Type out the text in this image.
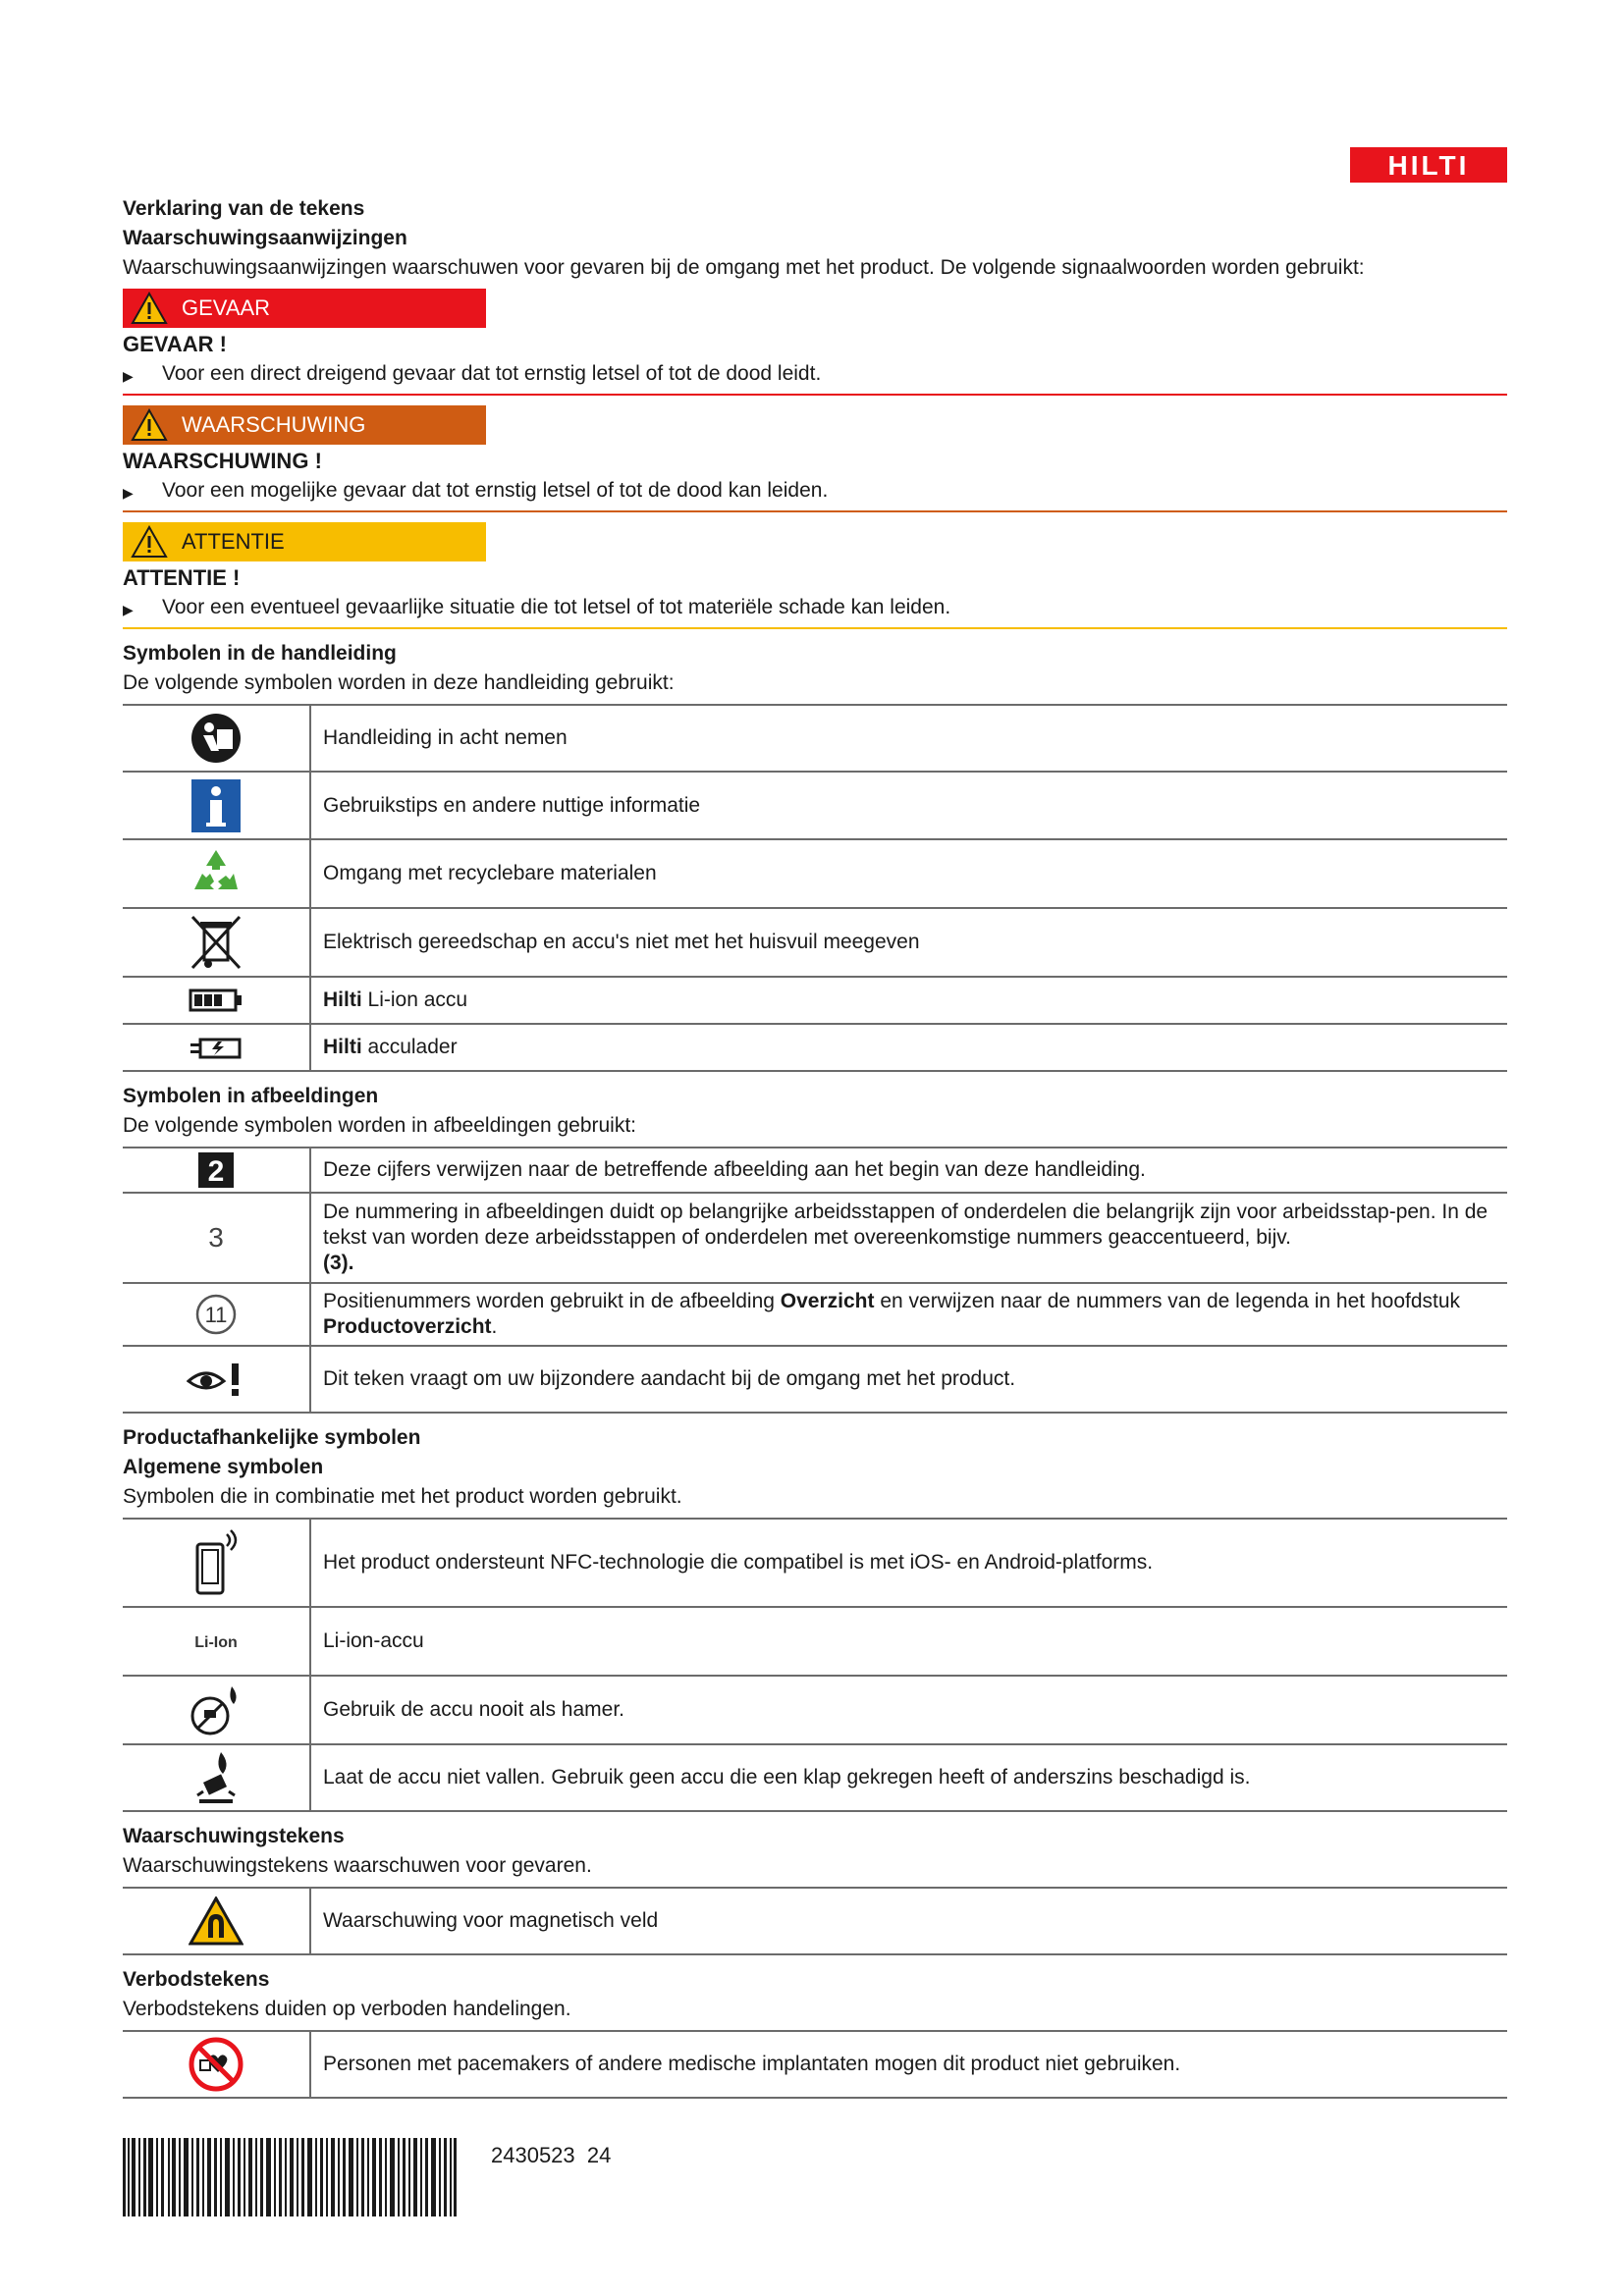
HILTI
Verklaring van de tekens
Waarschuwingsaanwijzingen
Waarschuwingsaanwijzingen waarschuwen voor gevaren bij de omgang met het product. De volgende signaalwoorden worden gebruikt:
GEVAAR
GEVAAR !
▶	Voor een direct dreigend gevaar dat tot ernstig letsel of tot de dood leidt.
WAARSCHUWING
WAARSCHUWING !
▶	Voor een mogelijke gevaar dat tot ernstig letsel of tot de dood kan leiden.
ATTENTIE
ATTENTIE !
▶	Voor een eventueel gevaarlijke situatie die tot letsel of tot materiële schade kan leiden.
Symbolen in de handleiding
De volgende symbolen worden in deze handleiding gebruikt:
	Handleiding in acht nemen

	Gebruikstips en andere nuttige informatie

	Omgang met recyclebare materialen

	Elektrisch gereedschap en accu's niet met het huisvuil meegeven

	Hilti Li-ion accu

	Hilti acculader
Symbolen in afbeeldingen
De volgende symbolen worden in afbeeldingen gebruikt:
2	Deze cijfers verwijzen naar de betreffende afbeelding aan het begin van deze handleiding.
3	De nummering in afbeeldingen duidt op belangrijke arbeidsstappen of onderdelen die belangrijk zijn voor arbeidsstap-pen. In de tekst van worden deze arbeidsstappen of onderdelen met overeenkomstige nummers geaccentueerd, bijv.
(3).

11	Positienummers worden gebruikt in de afbeelding Overzicht en verwijzen naar de nummers van de legenda in het hoofdstuk Productoverzicht.

	Dit teken vraagt om uw bijzondere aandacht bij de omgang met het product.
Productafhankelijke symbolen
Algemene symbolen
Symbolen die in combinatie met het product worden gebruikt.
	Het product ondersteunt NFC-technologie die compatibel is met iOS- en Android-platforms.
Li-Ion	Li-ion-accu

	Gebruik de accu nooit als hamer.

	Laat de accu niet vallen. Gebruik geen accu die een klap gekregen heeft of anderszins beschadigd is.
Waarschuwingstekens
Waarschuwingstekens waarschuwen voor gevaren.
	Waarschuwing voor magnetisch veld
Verbodstekens
Verbodstekens duiden op verboden handelingen.
	Personen met pacemakers of andere medische implantaten mogen dit product niet gebruiken.
2430523 24
